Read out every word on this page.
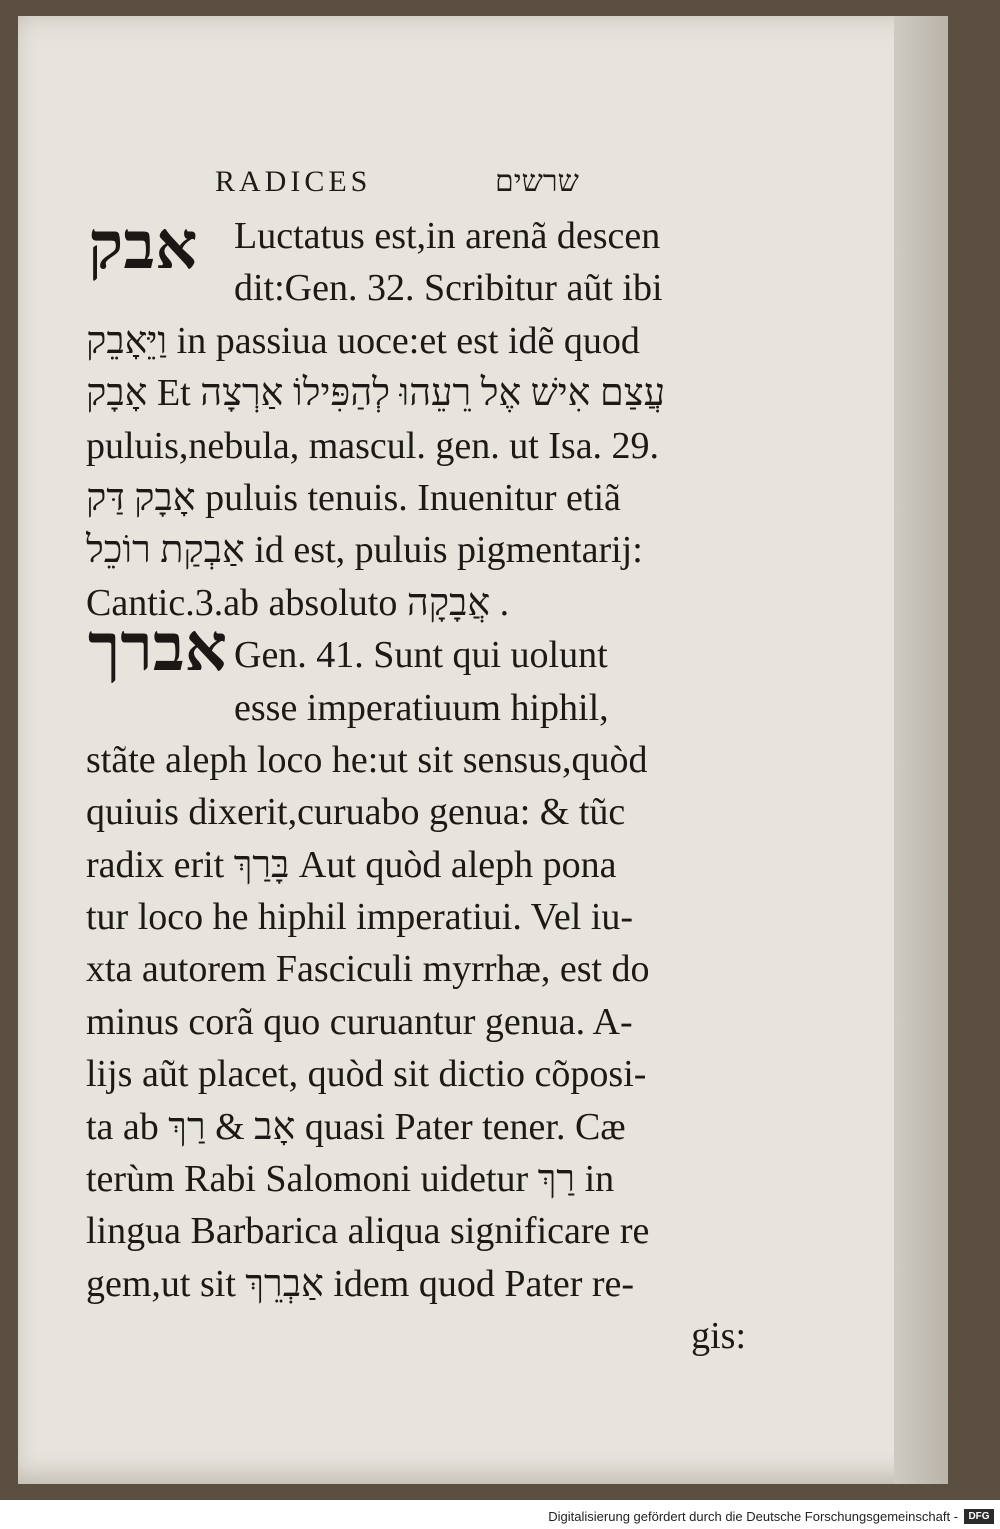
RADICES	שרשים
אבק
אברך
Luctatus est,in arenã descen
dit:Gen. 32. Scribitur aũt ibi
וַיֵּאָבֵק in passiua uoce:et est idẽ quod
אָבָק Et עֲצַם אִישׁ אֶל רֵעֵהוּ לְהַפִּילוֹ אַרְצָה
puluis,nebula, mascul. gen. ut Isa. 29.
אָבָק דַּק puluis tenuis. Inuenitur etiã
אַבְקַת רוֹכֵל id est, puluis pigmentarij:
Cantic.3.ab absoluto אֲבָקָה .
Gen. 41. Sunt qui uolunt
esse imperatiuum hiphil,
stãte aleph loco he:ut sit sensus,quòd
quiuis dixerit,curuabo genua: & tũc
radix erit בָּרַךְ Aut quòd aleph pona
tur loco he hiphil imperatiui. Vel iu-
xta autorem Fasciculi myrrhæ, est do
minus corã quo curuantur genua. A-
lijs aũt placet, quòd sit dictio cõposi-
ta ab אָב & רַךְ quasi Pater tener. Cæ
terùm Rabi Salomoni uidetur רַךְ in
lingua Barbarica aliqua significare re
gem,ut sit אַבְרֵךְ idem quod Pater re-
gis:
Digitalisierung gefördert durch die Deutsche Forschungsgemeinschaft -	DFG
